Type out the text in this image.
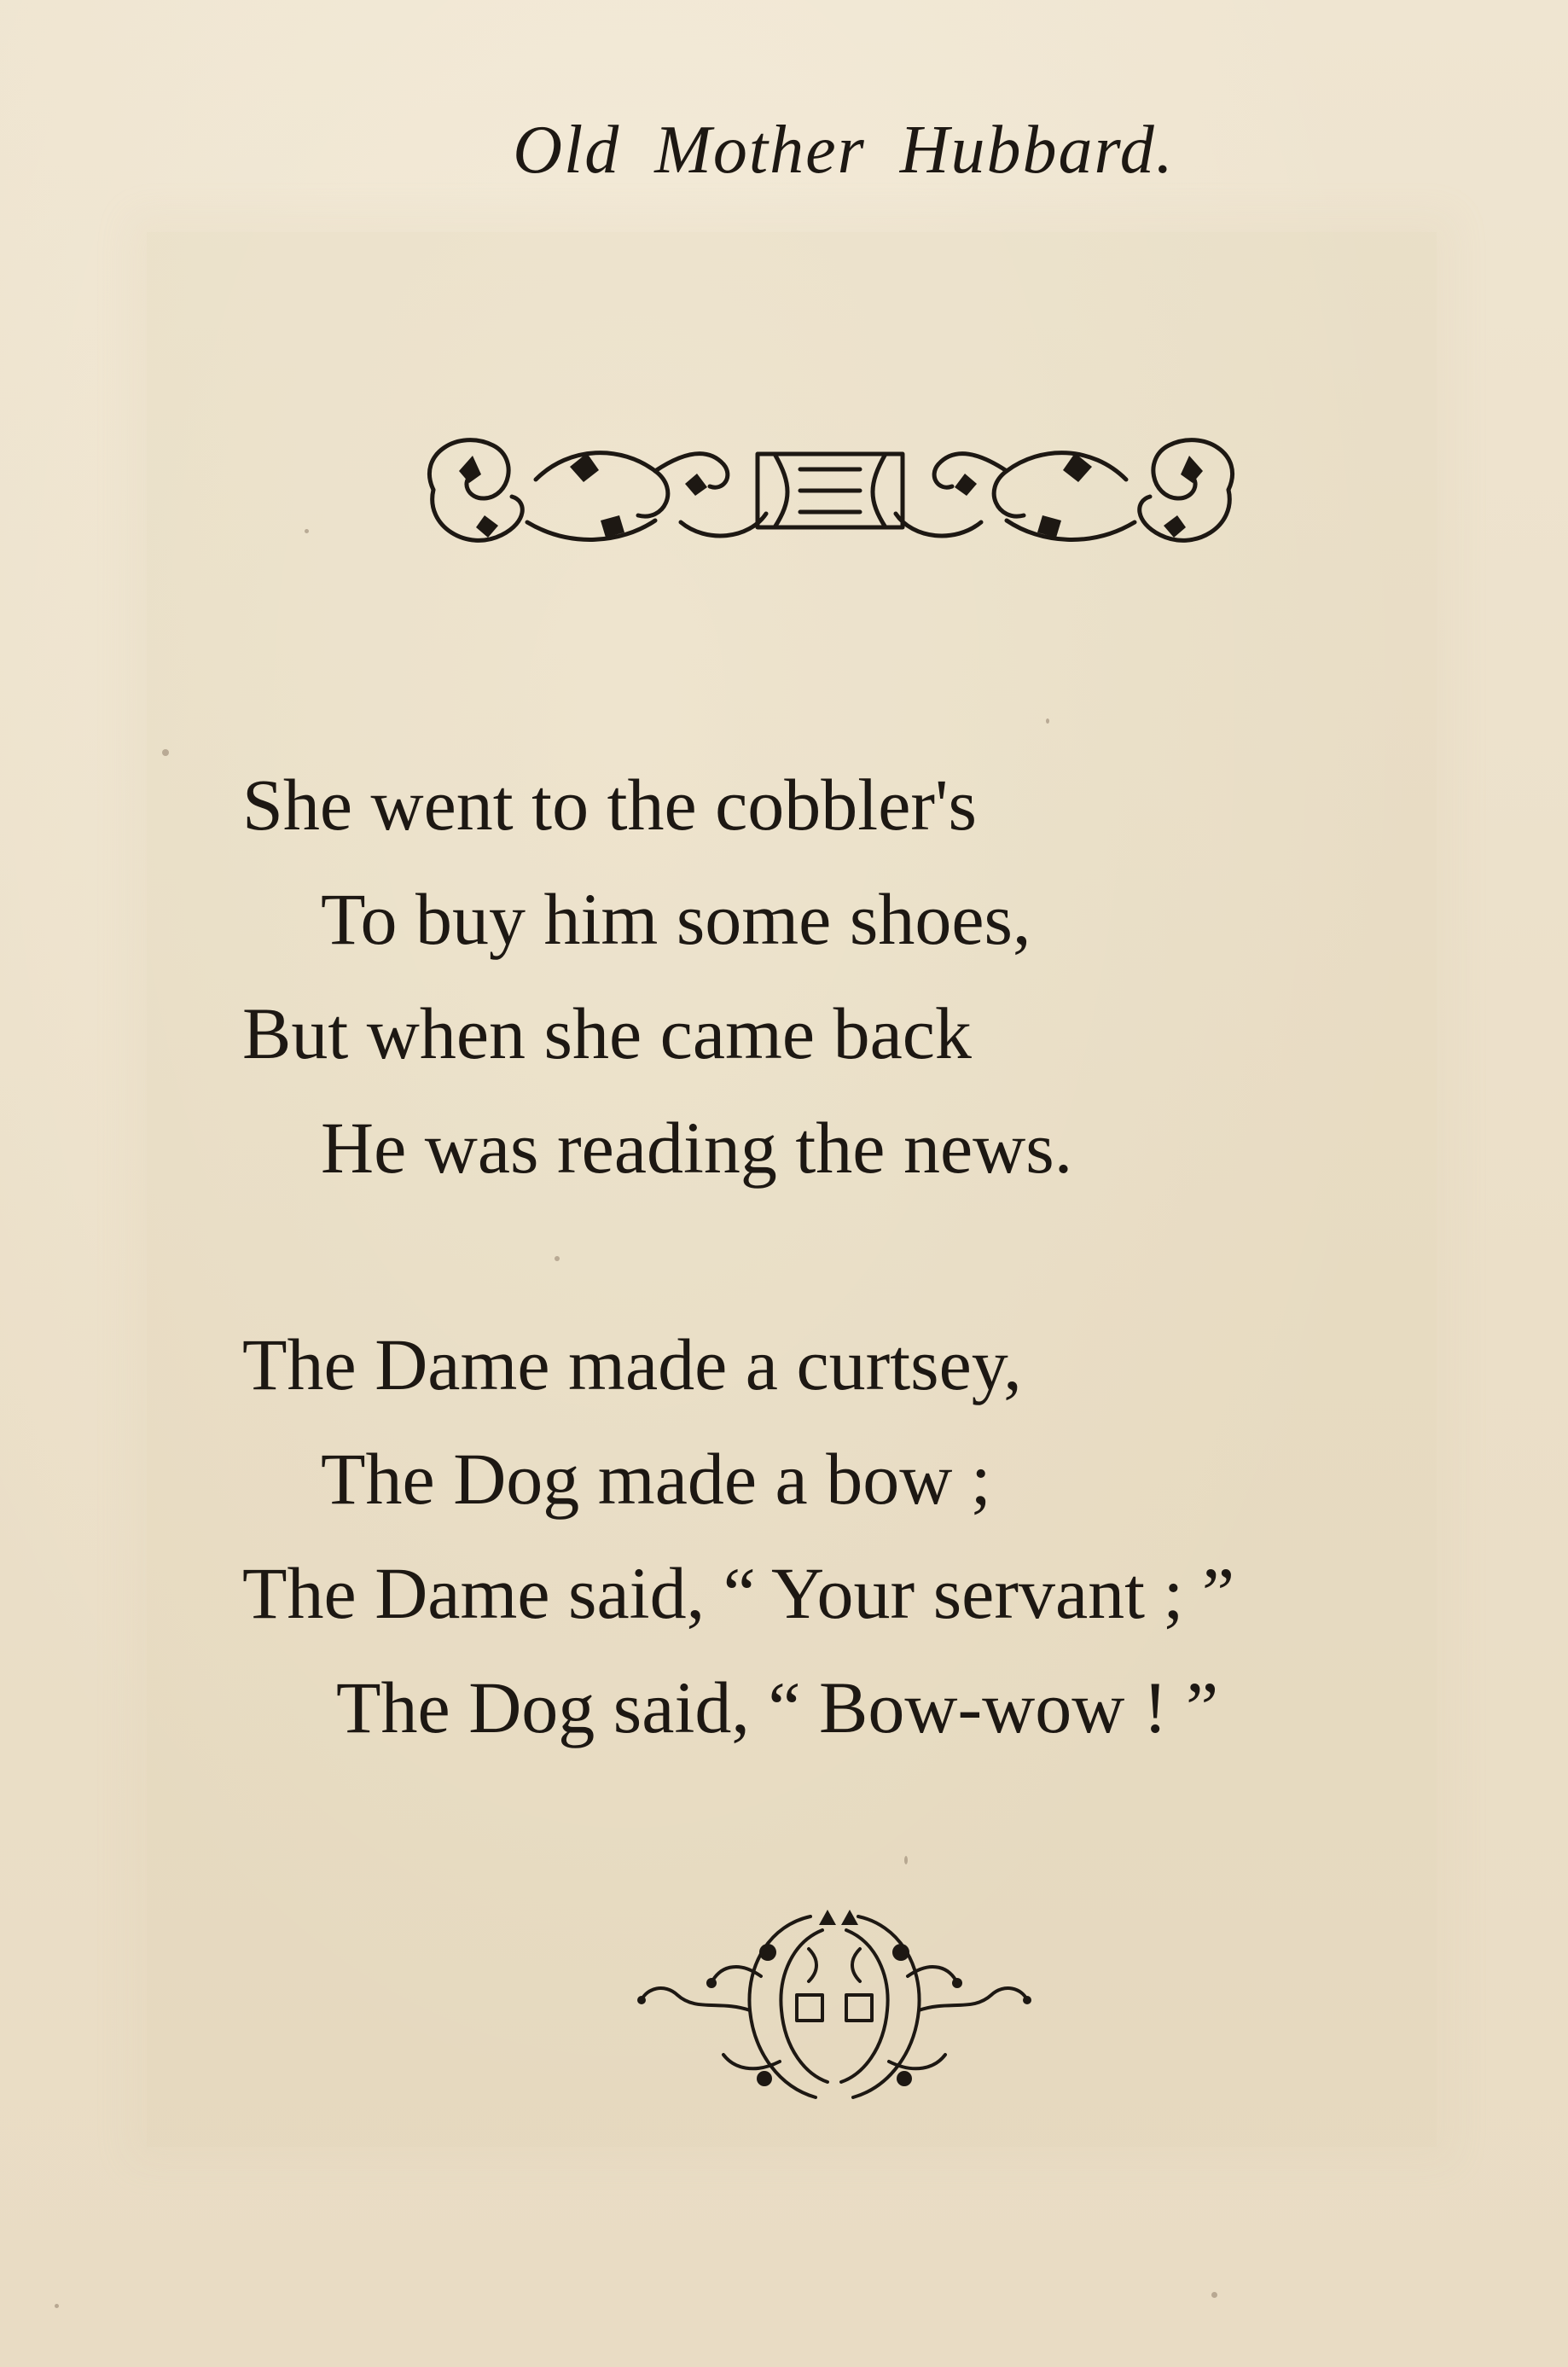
Old Mother Hubbard.
She went to the cobbler's
To buy him some shoes,
But when she came back
He was reading the news.
The Dame made a curtsey,
The Dog made a bow ;
The Dame said, “ Your servant ; ”
The Dog said, “ Bow-wow ! ”
